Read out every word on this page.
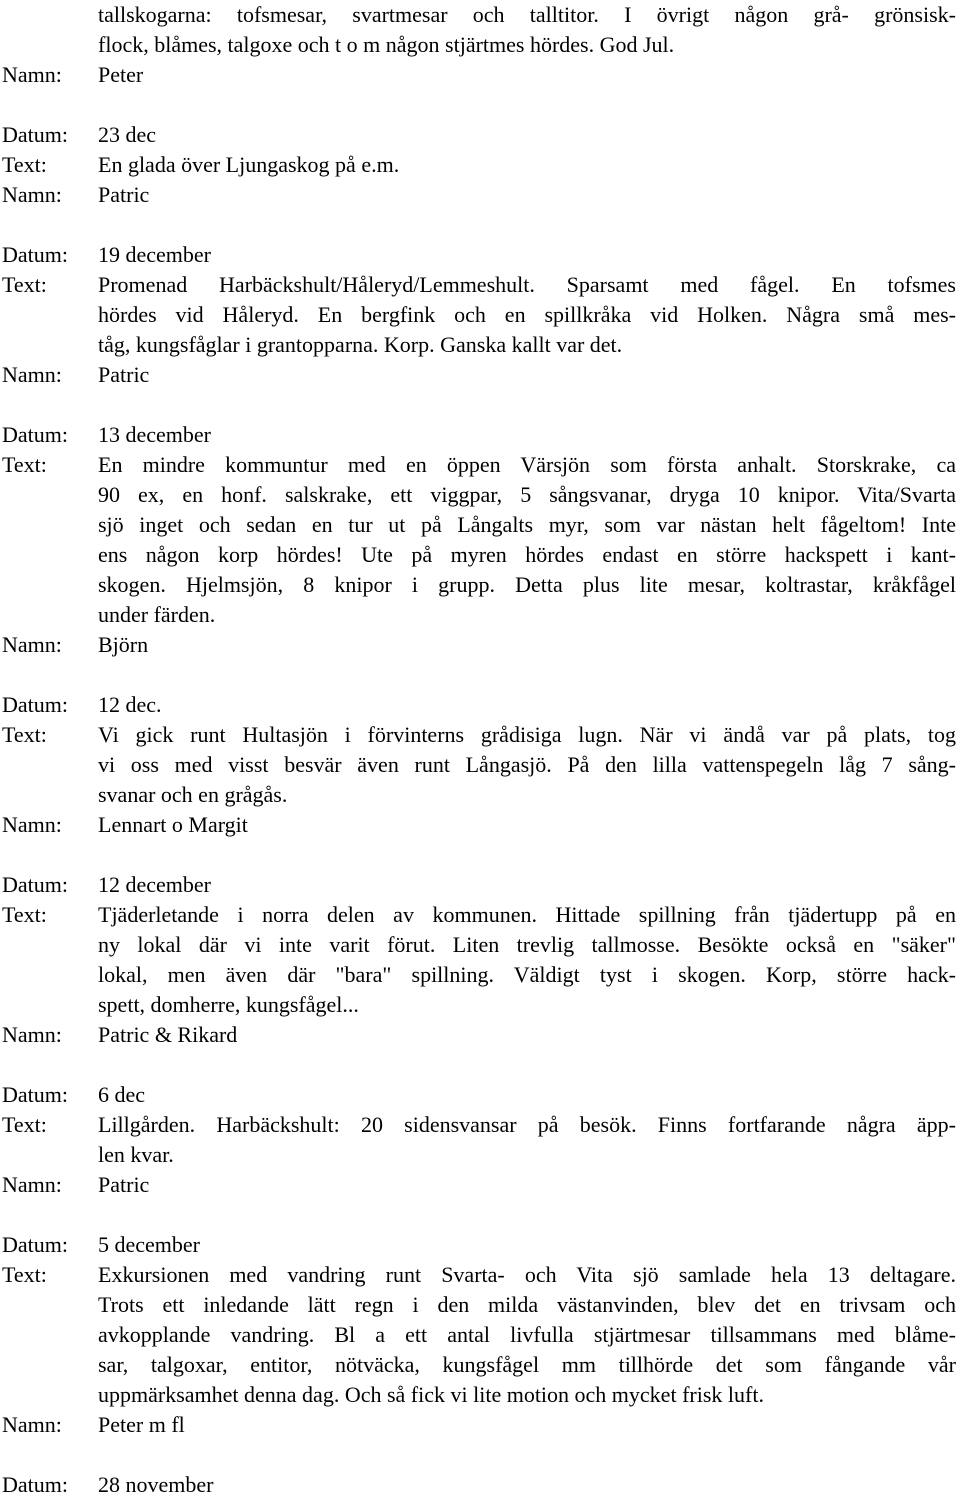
tallskogarna: tofsmesar, svartmesar och talltitor. I övrigt någon grå- grönsisk-
flock, blåmes, talgoxe och t o m någon stjärtmes hördes. God Jul.
Namn:	Peter
Datum:	23 dec
Text:	En glada över Ljungaskog på e.m.
Namn:	Patric
Datum:	19 december
Text:	Promenad Harbäckshult/Håleryd/Lemmeshult. Sparsamt med fågel. En tofsmes
hördes vid Håleryd. En bergfink och en spillkråka vid Holken. Några små mes-
tåg, kungsfåglar i grantopparna. Korp. Ganska kallt var det.
Namn:	Patric
Datum:	13 december
Text:	En mindre kommuntur med en öppen Värsjön som första anhalt. Storskrake, ca
90 ex, en honf. salskrake, ett viggpar, 5 sångsvanar, dryga 10 knipor. Vita/Svarta
sjö inget och sedan en tur ut på Långalts myr, som var nästan helt fågeltom! Inte
ens någon korp hördes! Ute på myren hördes endast en större hackspett i kant-
skogen. Hjelmsjön, 8 knipor i grupp. Detta plus lite mesar, koltrastar, kråkfågel
under färden.
Namn:	Björn
Datum:	12 dec.
Text:	Vi gick runt Hultasjön i förvinterns grådisiga lugn. När vi ändå var på plats, tog
vi oss med visst besvär även runt Långasjö. På den lilla vattenspegeln låg 7 sång-
svanar och en grågås.
Namn:	Lennart o Margit
Datum:	12 december
Text:	Tjäderletande i norra delen av kommunen. Hittade spillning från tjädertupp på en
ny lokal där vi inte varit förut. Liten trevlig tallmosse. Besökte också en "säker"
lokal, men även där "bara" spillning. Väldigt tyst i skogen. Korp, större hack-
spett, domherre, kungsfågel...
Namn:	Patric & Rikard
Datum:	6 dec
Text:	Lillgården. Harbäckshult: 20 sidensvansar på besök. Finns fortfarande några äpp-
len kvar.
Namn:	Patric
Datum:	5 december
Text:	Exkursionen med vandring runt Svarta- och Vita sjö samlade hela 13 deltagare.
Trots ett inledande lätt regn i den milda västanvinden, blev det en trivsam och
avkopplande vandring. Bl a ett antal livfulla stjärtmesar tillsammans med blåme-
sar, talgoxar, entitor, nötväcka, kungsfågel mm tillhörde det som fångande vår
uppmärksamhet denna dag. Och så fick vi lite motion och mycket frisk luft.
Namn:	Peter m fl
Datum:	28 november
